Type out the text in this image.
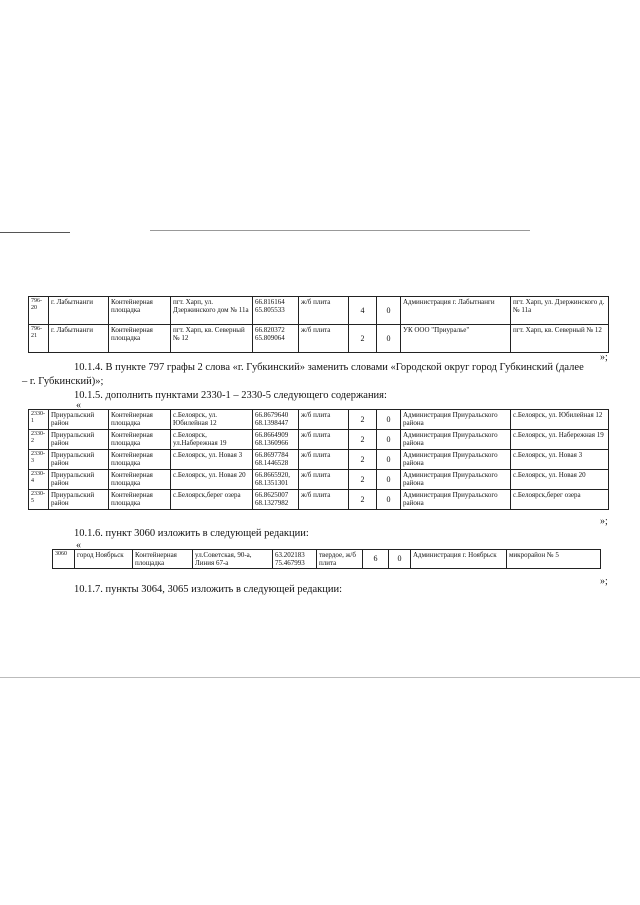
796-
20	г. Лабытнанги	Контейнерная площадка	пгт. Харп, ул. Дзержинского дом № 11а	66.816164
65.805533	ж/б плита	4	0	Администрация г. Лабытнанги	пгт. Харп, ул. Дзержинского д. № 11а
796-
21	г. Лабытнанги	Контейнерная площадка	пгт. Харп, кв. Северный № 12	66.820372
65.809064	ж/б плита	2	0	УК ООО "Приуралье"	пгт. Харп, кв. Северный № 12
»;
10.1.4. В пункте 797 графы 2 слова «г. Губкинский» заменить словами «Городской округ город Губкинский (далее
– г. Губкинский)»;
10.1.5. дополнить пунктами 2330-1 – 2330-5 следующего содержания:
«
2330-
1	Приуральский район	Контейнерная площадка	с.Белоярск, ул. Юбилейная 12	66.8679640
68.1398447	ж/б плита	2	0	Администрация Приуральского района	с.Белоярск, ул. Юбилейная 12
2330-
2	Приуральский район	Контейнерная площадка	с.Белоярск, ул.Набережная 19	66.8664909
68.1360966	ж/б плита	2	0	Администрация Приуральского района	с.Белоярск, ул. Набережная 19
2330-
3	Приуральский район	Контейнерная площадка	с.Белоярск, ул. Новая 3	66.8697784
68.1446528	ж/б плита	2	0	Администрация Приуральского района	с.Белоярск, ул. Новая 3
2330-
4	Приуральский район	Контейнерная площадка	с.Белоярск, ул. Новая 20	66.8665920,
68.1351301	ж/б плита	2	0	Администрация Приуральского района	с.Белоярск, ул. Новая 20
2330-
5	Приуральский район	Контейнерная площадка	с.Белоярск,берег озера	66.8625007
68.1327982	ж/б плита	2	0	Администрация Приуральского района	с.Белоярск,берег озера
»;
10.1.6. пункт 3060 изложить в следующей редакции:
«
3060	город Ноябрьск	Контейнерная площадка	ул.Советская, 90-а, Линия 67-а	63.202183
75.467993	твердое, ж/б плита	6	0	Администрация г. Ноябрьск	микрорайон № 5
»;
10.1.7. пункты 3064, 3065 изложить в следующей редакции:
